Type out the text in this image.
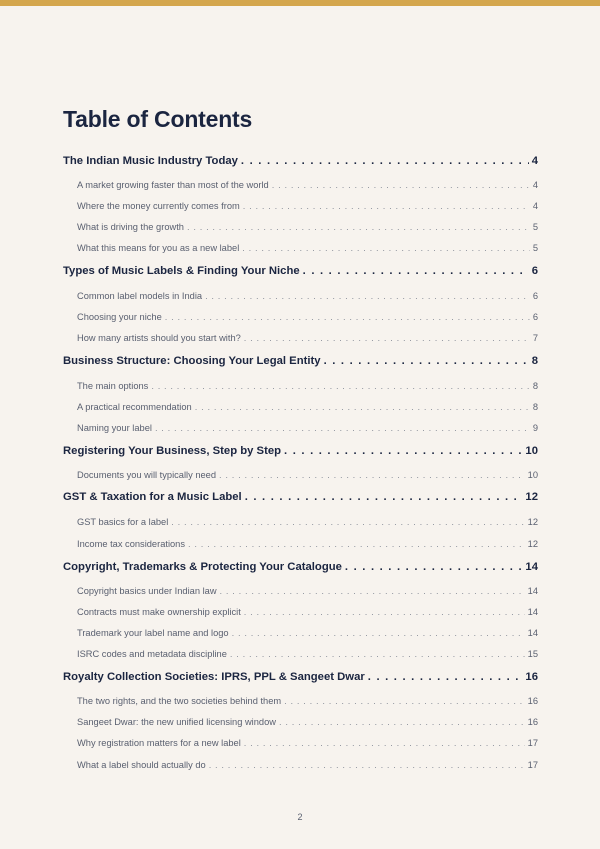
Table of Contents
The Indian Music Industry Today . . .	4
A market growing faster than most of the world . . .	4
Where the money currently comes from . . .	4
What is driving the growth . . .	5
What this means for you as a new label . . .	5
Types of Music Labels & Finding Your Niche . . .	6
Common label models in India . . .	6
Choosing your niche . . .	6
How many artists should you start with? . . .	7
Business Structure: Choosing Your Legal Entity . . .	8
The main options . . .	8
A practical recommendation . . .	8
Naming your label . . .	9
Registering Your Business, Step by Step . . .	10
Documents you will typically need . . .	10
GST & Taxation for a Music Label . . .	12
GST basics for a label . . .	12
Income tax considerations . . .	12
Copyright, Trademarks & Protecting Your Catalogue . . .	14
Copyright basics under Indian law . . .	14
Contracts must make ownership explicit . . .	14
Trademark your label name and logo . . .	14
ISRC codes and metadata discipline . . .	15
Royalty Collection Societies: IPRS, PPL & Sangeet Dwar . . .	16
The two rights, and the two societies behind them . . .	16
Sangeet Dwar: the new unified licensing window . . .	16
Why registration matters for a new label . . .	17
What a label should actually do . . .	17
2
